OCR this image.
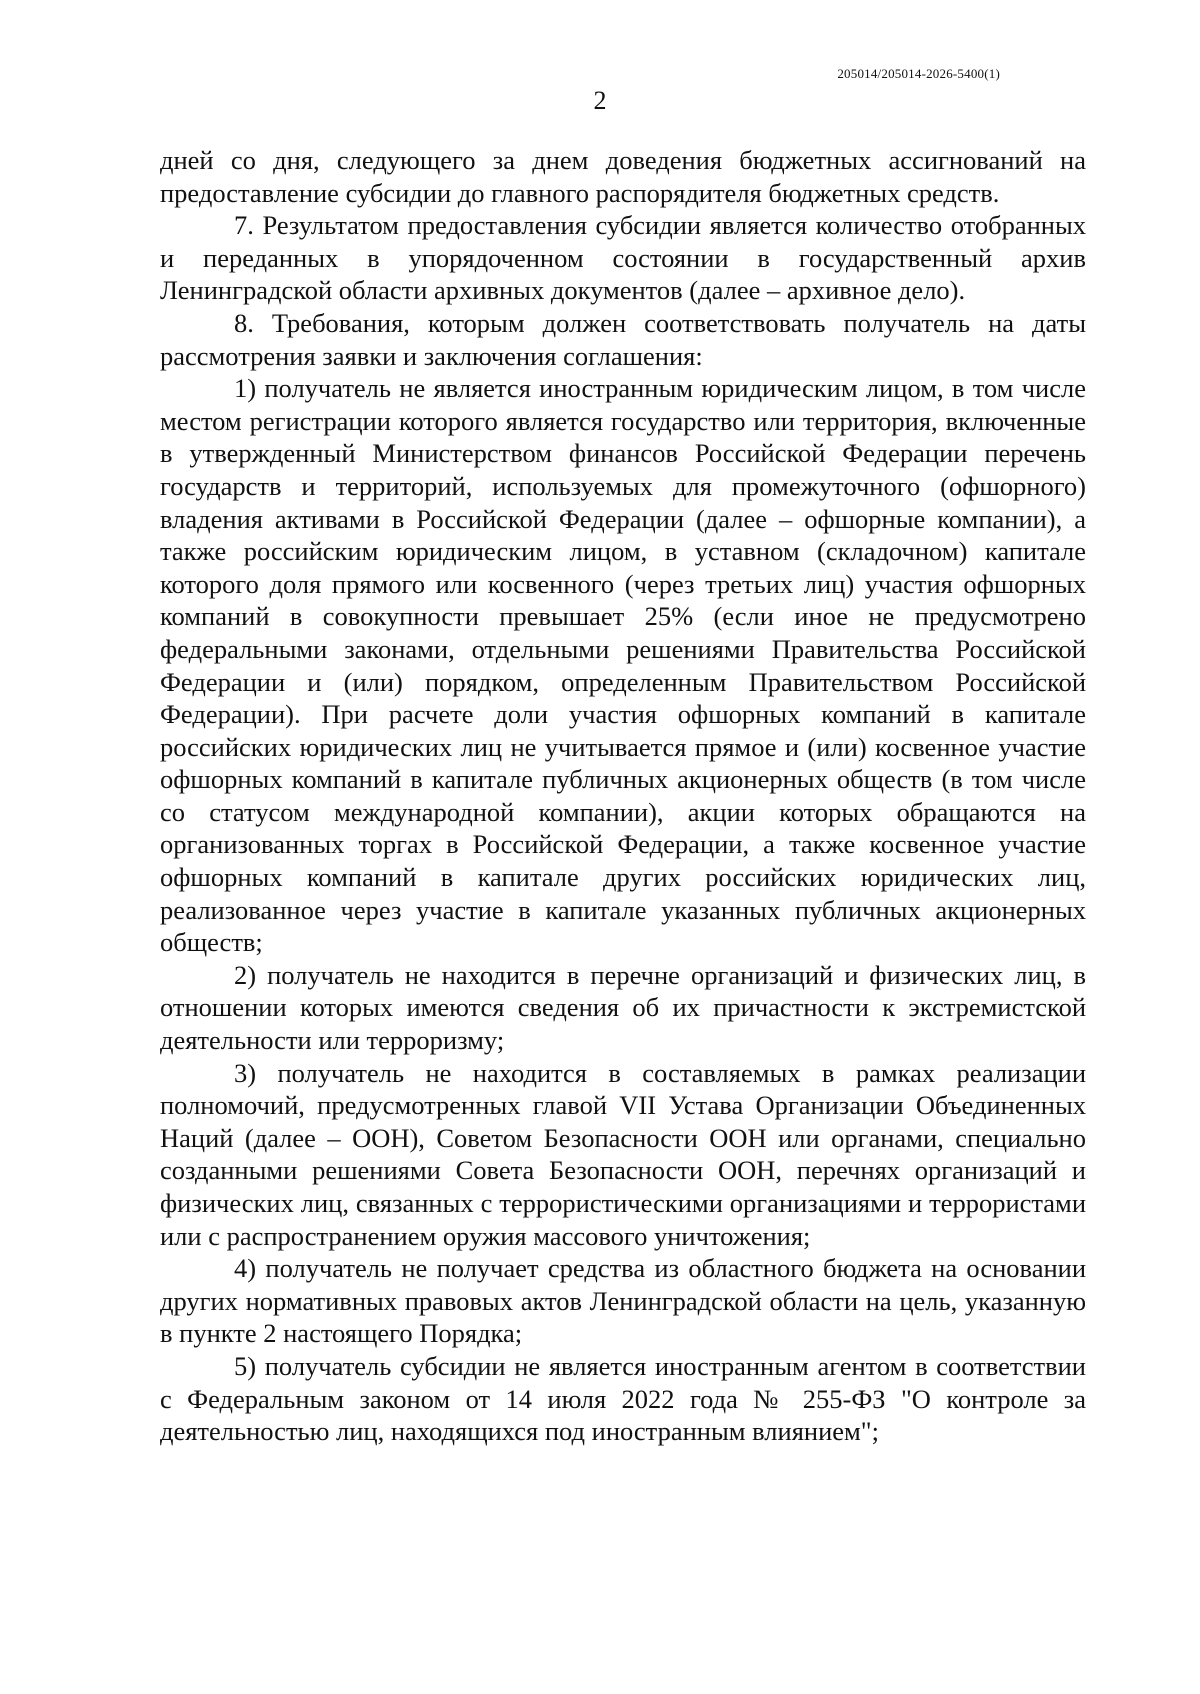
205014/205014-2026-5400(1)
2

дней со дня, следующего за днем доведения бюджетных ассигнований на предоставление субсидии до главного распорядителя бюджетных средств.

7. Результатом предоставления субсидии является количество отобранных и переданных в упорядоченном состоянии в государственный архив Ленинградской области архивных документов (далее – архивное дело).

8. Требования, которым должен соответствовать получатель на даты рассмотрения заявки и заключения соглашения:

1) получатель не является иностранным юридическим лицом, в том числе местом регистрации которого является государство или территория, включенные в утвержденный Министерством финансов Российской Федерации перечень государств и территорий, используемых для промежуточного (офшорного) владения активами в Российской Федерации (далее – офшорные компании), а также российским юридическим лицом, в уставном (складочном) капитале которого доля прямого или косвенного (через третьих лиц) участия офшорных компаний в совокупности превышает 25% (если иное не предусмотрено федеральными законами, отдельными решениями Правительства Российской Федерации и (или) порядком, определенным Правительством Российской Федерации). При расчете доли участия офшорных компаний в капитале российских юридических лиц не учитывается прямое и (или) косвенное участие офшорных компаний в капитале публичных акционерных обществ (в том числе со статусом международной компании), акции которых обращаются на организованных торгах в Российской Федерации, а также косвенное участие офшорных компаний в капитале других российских юридических лиц, реализованное через участие в капитале указанных публичных акционерных обществ;

2) получатель не находится в перечне организаций и физических лиц, в отношении которых имеются сведения об их причастности к экстремистской деятельности или терроризму;

3) получатель не находится в составляемых в рамках реализации полномочий, предусмотренных главой VII Устава Организации Объединенных Наций (далее – ООН), Советом Безопасности ООН или органами, специально созданными решениями Совета Безопасности ООН, перечнях организаций и физических лиц, связанных с террористическими организациями и террористами или с распространением оружия массового уничтожения;

4) получатель не получает средства из областного бюджета на основании других нормативных правовых актов Ленинградской области на цель, указанную в пункте 2 настоящего Порядка;

5) получатель субсидии не является иностранным агентом в соответствии с Федеральным законом от 14 июля 2022 года № 255-ФЗ "О контроле за деятельностью лиц, находящихся под иностранным влиянием";
